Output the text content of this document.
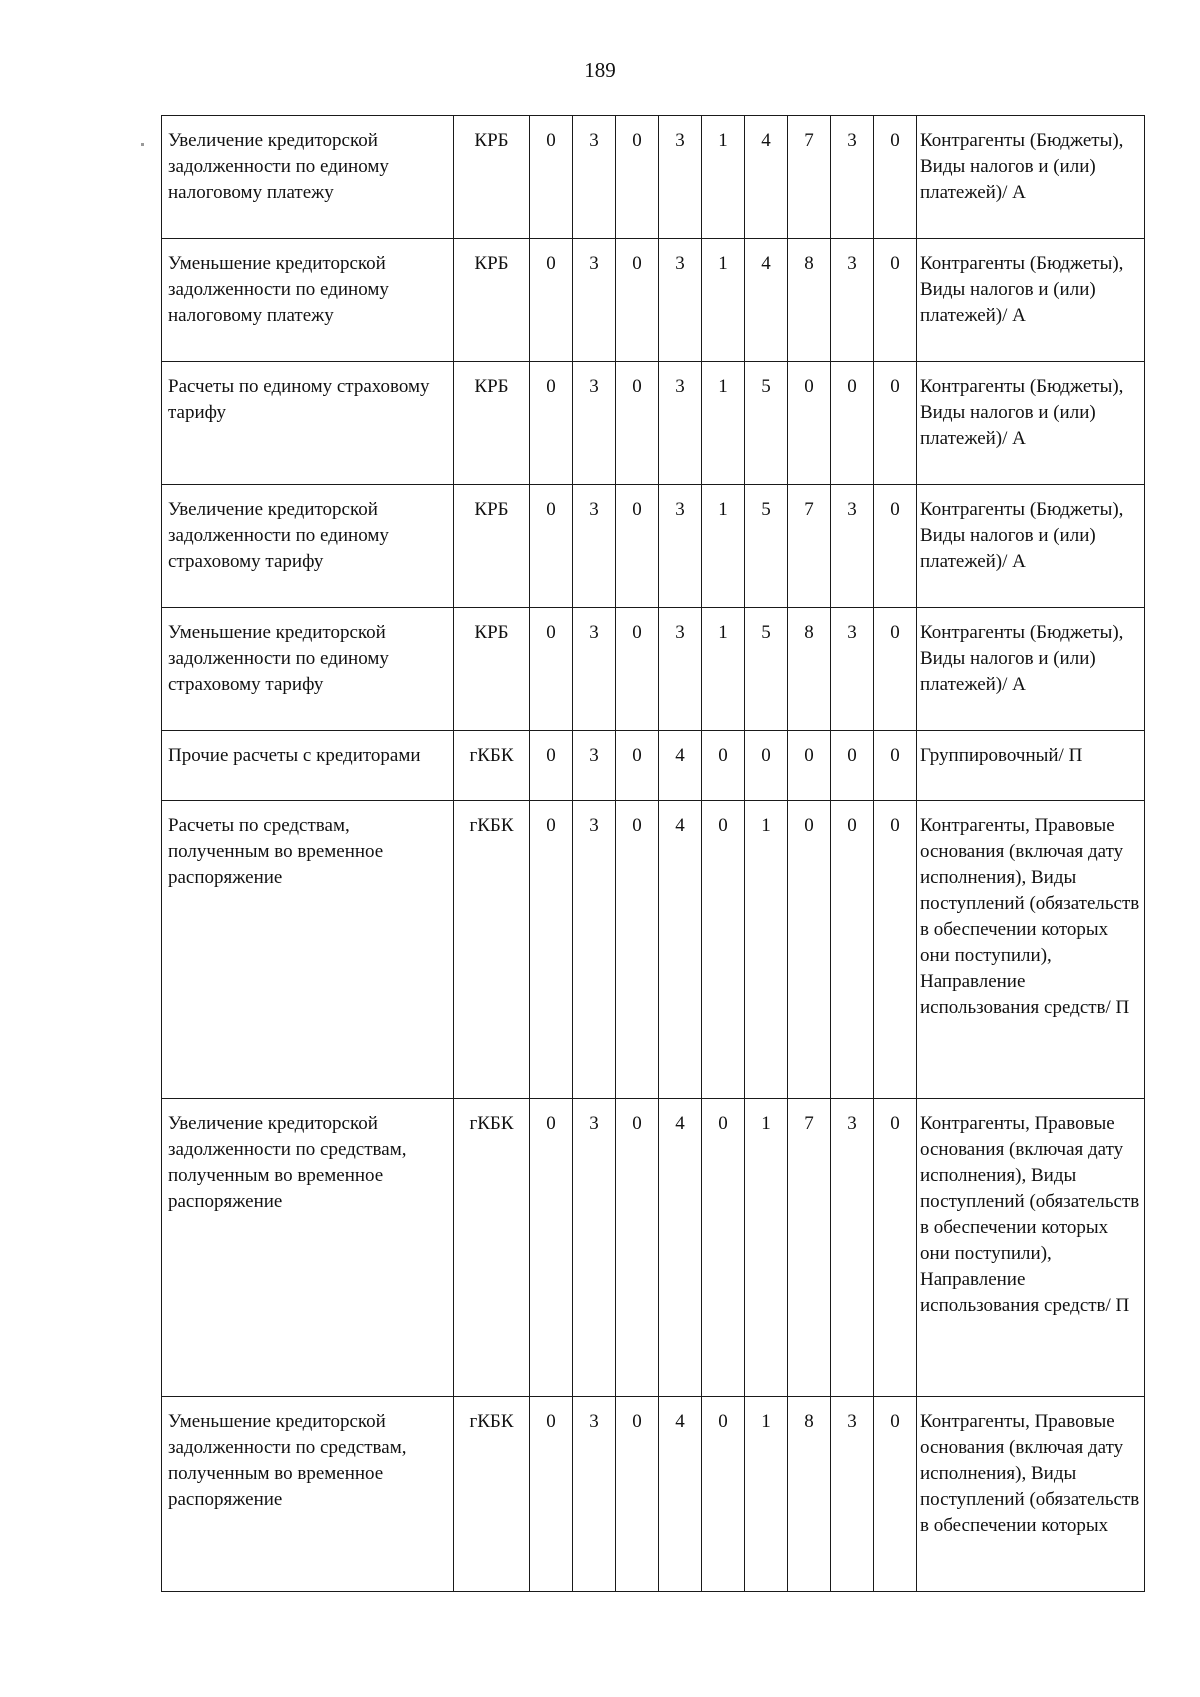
189
Увеличение кредиторской задолженности по единому налоговому платежу	КРБ	0	3	0	3	1	4	7	3	0	Контрагенты (Бюджеты), Виды налогов и (или) платежей)/ А
Уменьшение кредиторской задолженности по единому налоговому платежу	КРБ	0	3	0	3	1	4	8	3	0	Контрагенты (Бюджеты), Виды налогов и (или) платежей)/ А
Расчеты по единому страховому тарифу	КРБ	0	3	0	3	1	5	0	0	0	Контрагенты (Бюджеты), Виды налогов и (или) платежей)/ А
Увеличение кредиторской задолженности по единому страховому тарифу	КРБ	0	3	0	3	1	5	7	3	0	Контрагенты (Бюджеты), Виды налогов и (или) платежей)/ А
Уменьшение кредиторской задолженности по единому страховому тарифу	КРБ	0	3	0	3	1	5	8	3	0	Контрагенты (Бюджеты), Виды налогов и (или) платежей)/ А
Прочие расчеты с кредиторами	гКБК	0	3	0	4	0	0	0	0	0	Группировочный/ П
Расчеты по средствам, полученным во временное распоряжение	гКБК	0	3	0	4	0	1	0	0	0	Контрагенты, Правовые основания (включая дату исполнения), Виды поступлений (обязательств в обеспечении которых они поступили), Направление использования средств/ П
Увеличение кредиторской задолженности по средствам, полученным во временное распоряжение	гКБК	0	3	0	4	0	1	7	3	0	Контрагенты, Правовые основания (включая дату исполнения), Виды поступлений (обязательств в обеспечении которых они поступили), Направление использования средств/ П
Уменьшение кредиторской задолженности по средствам, полученным во временное распоряжение	гКБК	0	3	0	4	0	1	8	3	0	Контрагенты, Правовые основания (включая дату исполнения), Виды поступлений (обязательств в обеспечении которых
